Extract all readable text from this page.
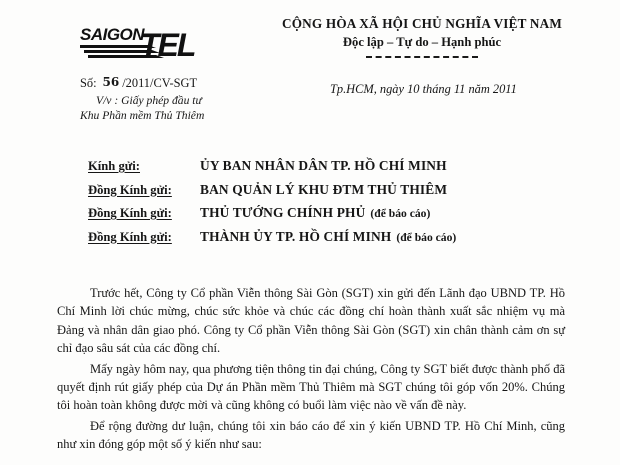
SAIGON
TEL
CỘNG HÒA XÃ HỘI CHỦ NGHĨA VIỆT NAM
Độc lập – Tự do – Hạnh phúc
Số: 56 /2011/CV-SGT
V/v : Giấy phép đầu tư
Khu Phần mềm Thủ Thiêm
Tp.HCM, ngày 10 tháng 11 năm 2011
Kính gửi:	ỦY BAN NHÂN DÂN TP. HỒ CHÍ MINH
Đồng Kính gửi:	BAN QUẢN LÝ KHU ĐTM THỦ THIÊM
Đồng Kính gửi:	THỦ TƯỚNG CHÍNH PHỦ (để báo cáo)
Đồng Kính gửi:	THÀNH ỦY TP. HỒ CHÍ MINH (để báo cáo)

Trước hết, Công ty Cổ phần Viễn thông Sài Gòn (SGT) xin gửi đến Lãnh đạo UBND TP. Hồ Chí Minh lời chúc mừng, chúc sức khỏe và chúc các đồng chí hoàn thành xuất sắc nhiệm vụ mà Đảng và nhân dân giao phó. Công ty Cổ phần Viễn thông Sài Gòn (SGT) xin chân thành cảm ơn sự chỉ đạo sâu sát của các đồng chí.

Mấy ngày hôm nay, qua phương tiện thông tin đại chúng, Công ty SGT biết được thành phố đã quyết định rút giấy phép của Dự án Phần mềm Thủ Thiêm mà SGT chúng tôi góp vốn 20%. Chúng tôi hoàn toàn không được mời và cũng không có buổi làm việc nào về vấn đề này.

Để rộng đường dư luận, chúng tôi xin báo cáo để xin ý kiến UBND TP. Hồ Chí Minh, cũng như xin đóng góp một số ý kiến như sau:
